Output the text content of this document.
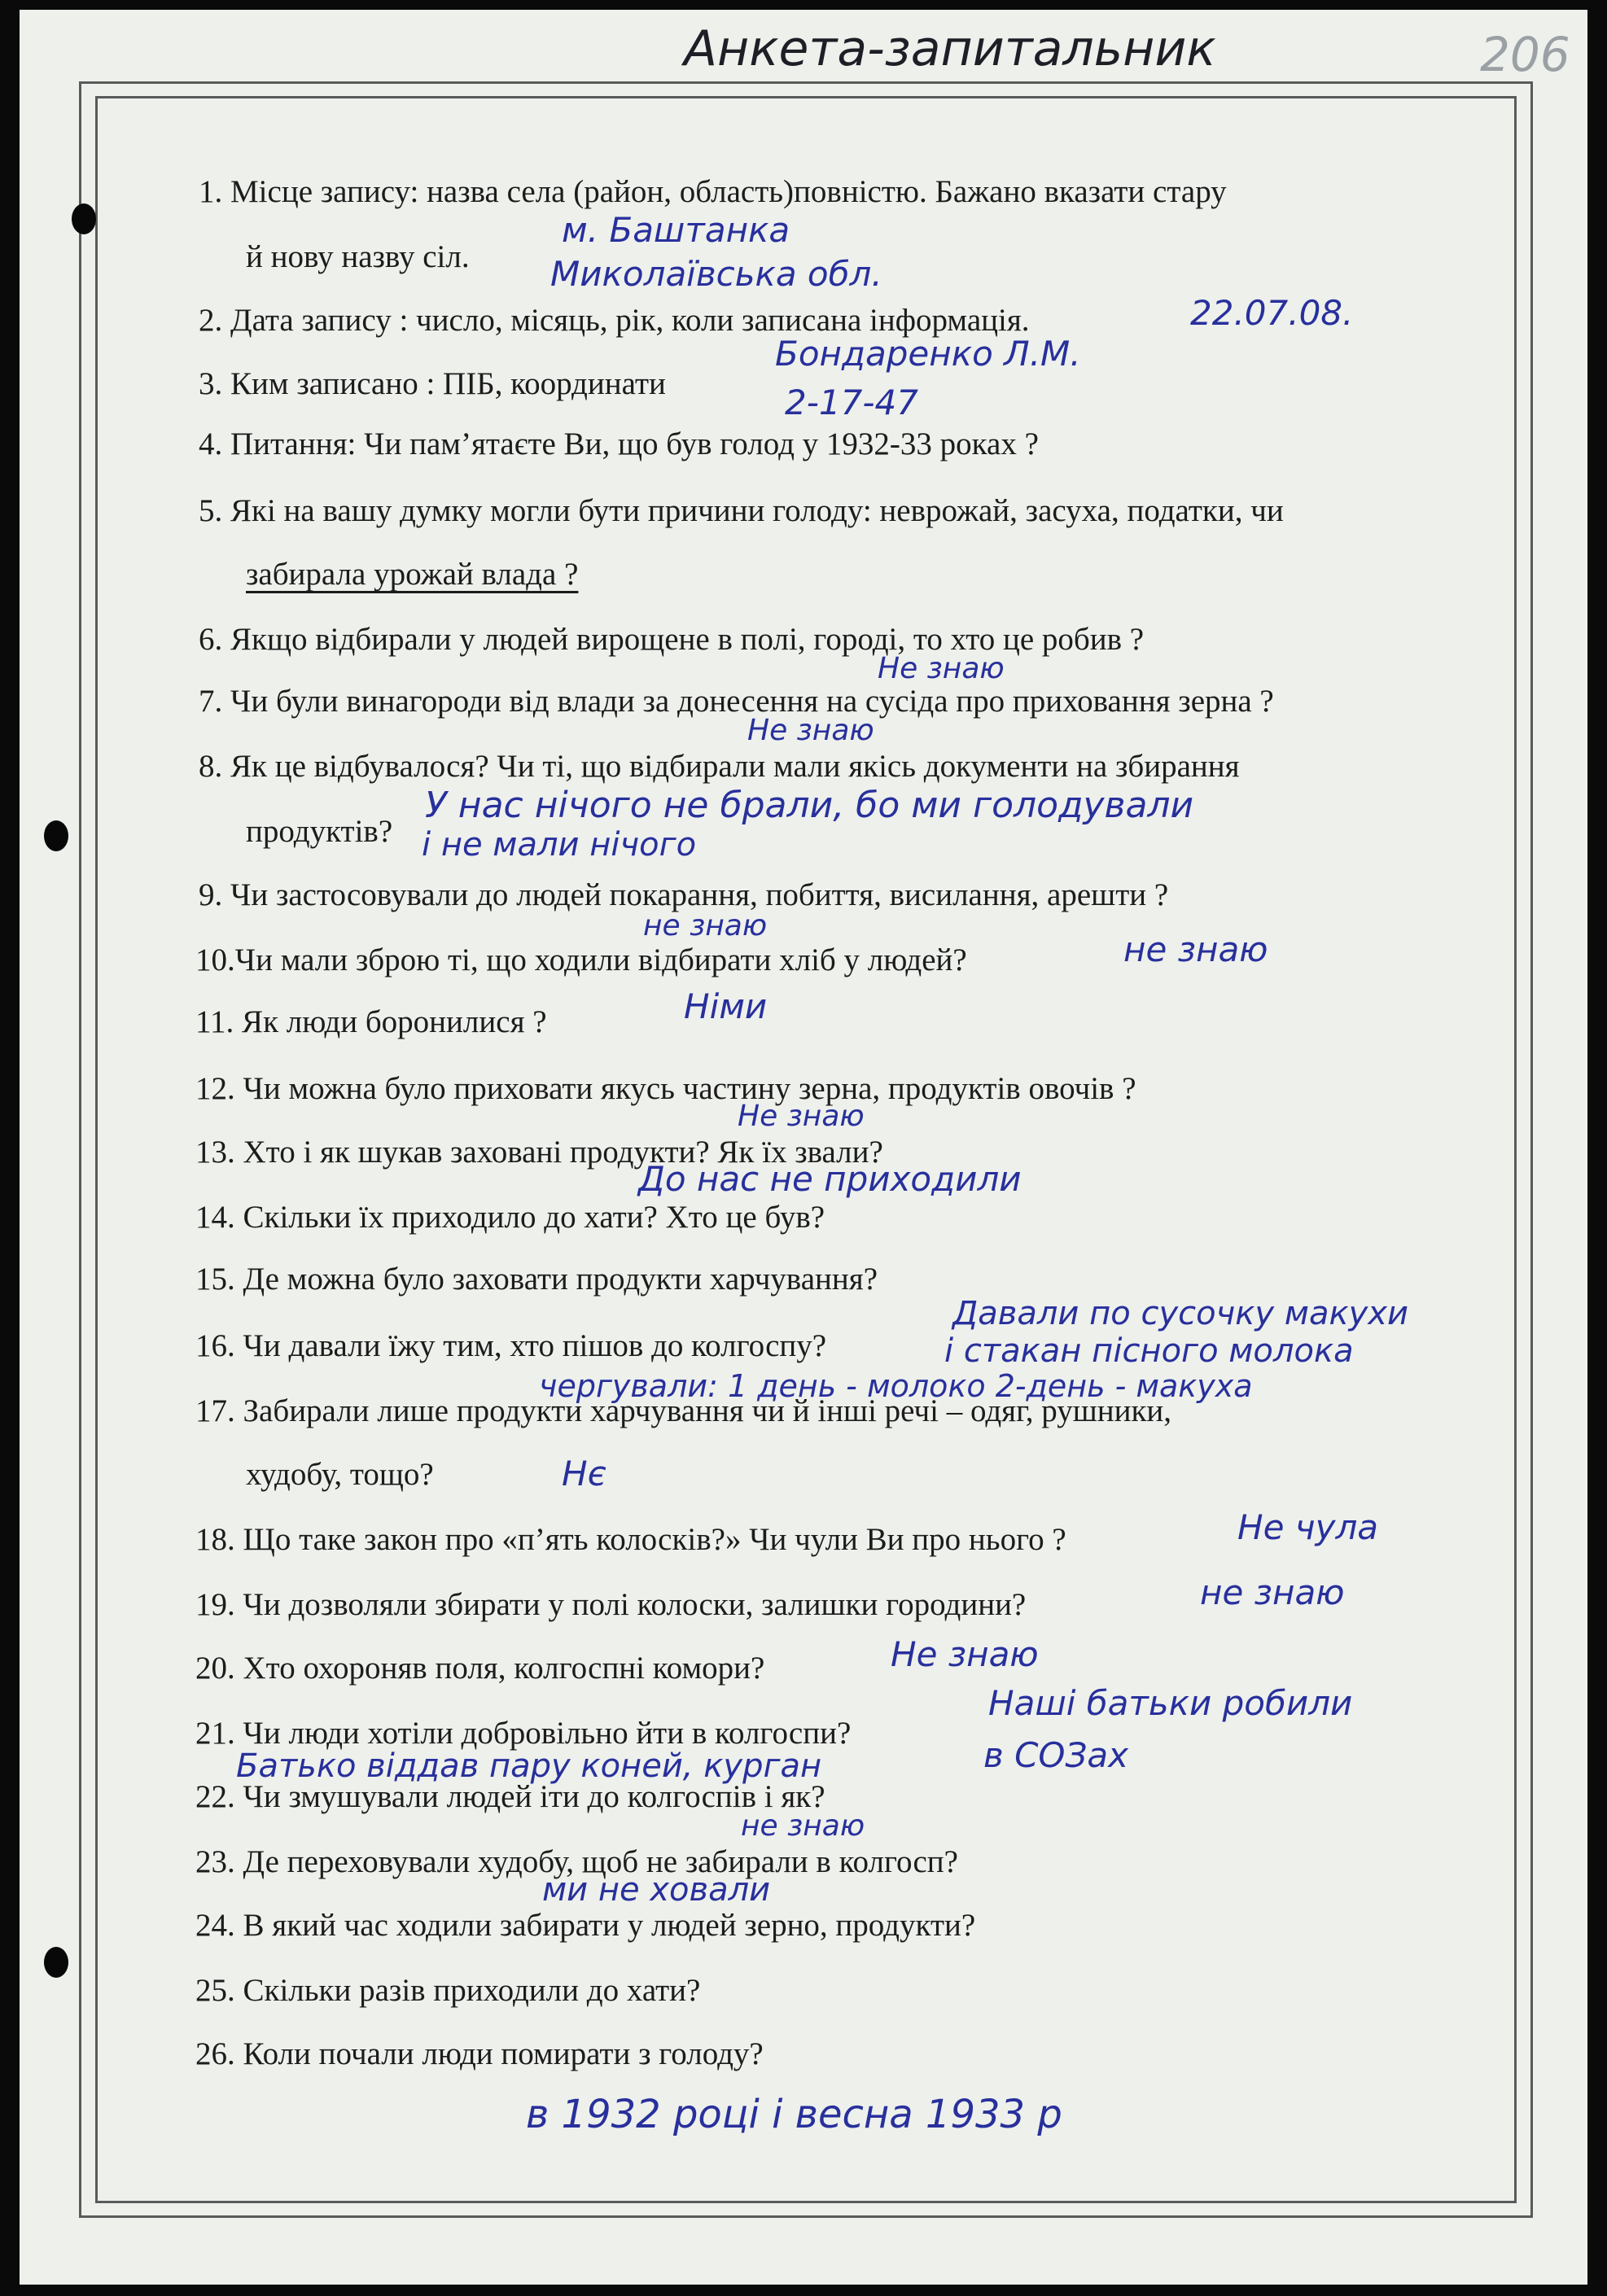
Анкета-запитальник	206
1. Місце запису: назва села (район, область)повністю. Бажано вказати стару
й нову назву сіл.
2. Дата запису : число, місяць, рік, коли записана інформація.
3. Ким записано : ПІБ, координати
4. Питання: Чи пам’ятаєте Ви, що був голод у 1932-33 роках ?
5. Які на вашу думку могли бути причини голоду: неврожай, засуха, податки, чи
забирала урожай влада ?
6. Якщо відбирали у людей вирощене в полі, городі, то хто це робив ?
7. Чи були винагороди від влади за донесення на сусіда про приховання зерна ?
8. Як це відбувалося? Чи ті, що відбирали мали якісь документи на збирання
продуктів?
9. Чи застосовували до людей покарання, побиття, висилання, арешти ?
10.Чи мали зброю ті, що ходили відбирати хліб у людей?
11. Як люди боронилися ?
12. Чи можна було приховати якусь частину зерна, продуктів овочів ?
13. Хто і як шукав заховані продукти? Як їх звали?
14. Скільки їх приходило до хати? Хто це був?
15. Де можна було заховати продукти харчування?
16. Чи давали їжу тим, хто пішов до колгоспу?
17. Забирали лише продукти харчування чи й інші речі – одяг, рушники,
худобу, тощо?
18. Що таке закон про «п’ять колосків?» Чи чули Ви про нього ?
19. Чи дозволяли збирати у полі колоски, залишки городини?
20. Хто охороняв поля, колгоспні комори?
21. Чи люди хотіли добровільно йти в колгоспи?
22. Чи змушували людей іти до колгоспів і як?
23. Де переховували худобу, щоб не забирали в колгосп?
24. В який час ходили забирати у людей зерно, продукти?
25. Скільки разів приходили до хати?
26. Коли почали люди помирати з голоду?
м. Баштанка
Миколаївська обл.
22.07.08.
Бондаренко Л.М.
2-17-47
Не знаю
Не знаю
У нас нічого не брали, бо ми голодували
і не мали нічого
не знаю
не знаю
Німи
Не знаю
До нас не приходили
Давали по сусочку макухи
і стакан пісного молока
чергували: 1 день - молоко 2-день - макуха
Нє
Не чула
не знаю
Не знаю
Наші батьки робили
в СОЗах
Батько віддав пару коней, курган
не знаю
ми не ховали
в 1932 році і весна 1933 р
